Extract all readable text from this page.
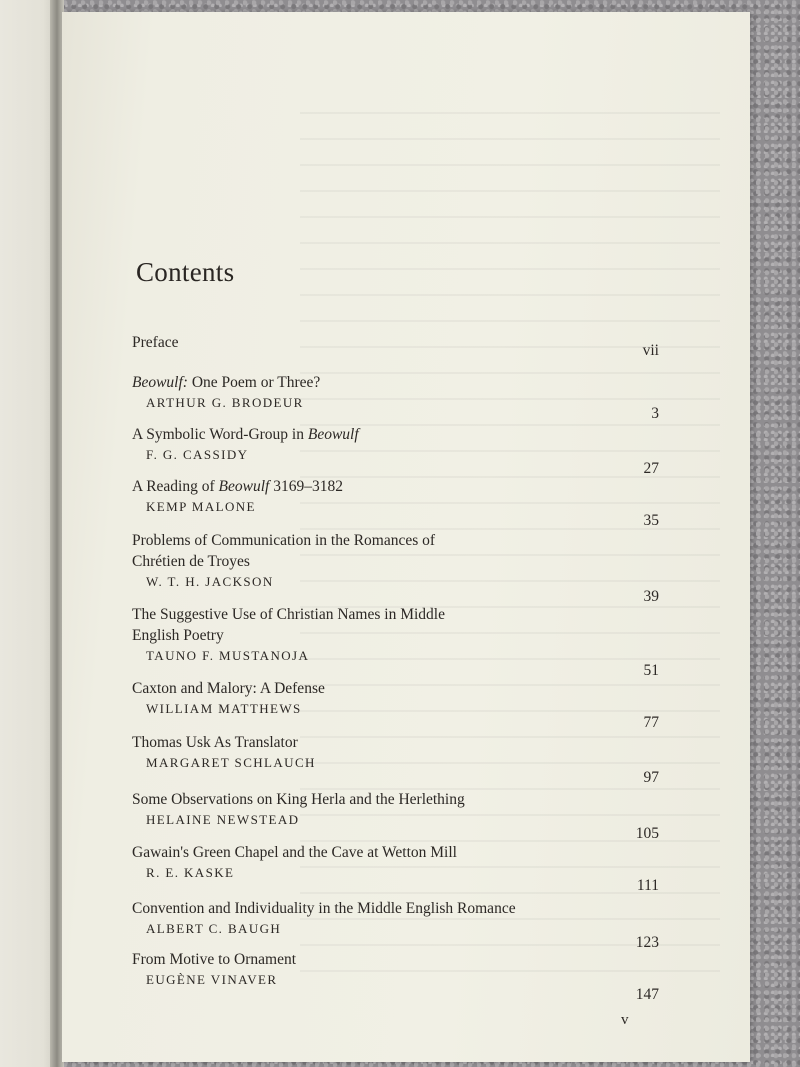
Contents
Preface	vii
Beowulf: One Poem or Three?
ARTHUR G. BRODEUR
3
A Symbolic Word-Group in Beowulf
F. G. CASSIDY
27
A Reading of Beowulf 3169–3182
KEMP MALONE
35
Problems of Communication in the Romances of
Chrétien de Troyes
W. T. H. JACKSON
39
The Suggestive Use of Christian Names in Middle
English Poetry
TAUNO F. MUSTANOJA
51
Caxton and Malory: A Defense
WILLIAM MATTHEWS
77
Thomas Usk As Translator
MARGARET SCHLAUCH
97
Some Observations on King Herla and the Herlething
HELAINE NEWSTEAD
105
Gawain's Green Chapel and the Cave at Wetton Mill
R. E. KASKE
111
Convention and Individuality in the Middle English Romance
ALBERT C. BAUGH
123
From Motive to Ornament
EUGÈNE VINAVER
147
v
